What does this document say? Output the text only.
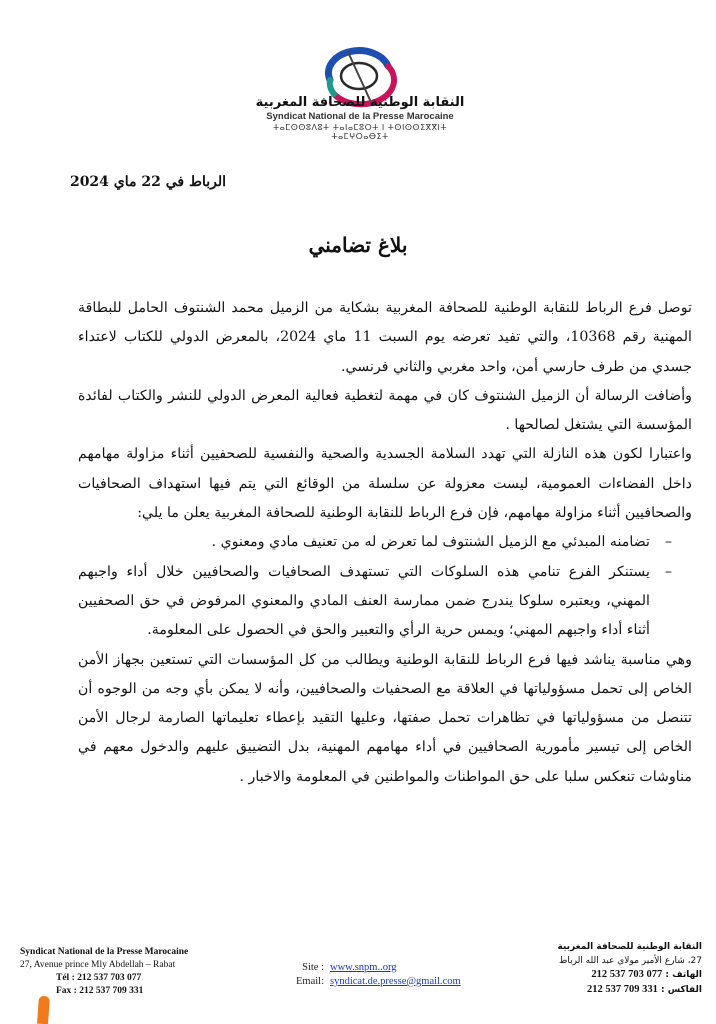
النقابة الوطنية للصحافة المغربية
Syndicat National de la Presse Marocaine
ⵜⴰⵎⵙⵙⵓⴷⵓⵜ ⵜⴰⵏⴰⵎⵓⵔⵜ ⵏ ⵜⵙⵏⵙⵙⵉⴳⴳⵏⵜ ⵜⴰⵎⵖⵔⴰⴱⵉⵜ
الرباط في 22 ماي 2024
بلاغ تضامني

توصل فرع الرباط للنقابة الوطنية للصحافة المغربية بشكاية من الزميل محمد الشنتوف الحامل للبطاقة المهنية رقم 10368، والتي تفيد تعرضه يوم السبت 11 ماي 2024، بالمعرض الدولي للكتاب لاعتداء جسدي من طرف حارسي أمن، واحد مغربي والثاني فرنسي.

وأضافت الرسالة أن الزميل الشنتوف كان في مهمة لتغطية فعالية المعرض الدولي للنشر والكتاب لفائدة المؤسسة التي يشتغل لصالحها .

واعتبارا لكون هذه النازلة التي تهدد السلامة الجسدية والصحية والنفسية للصحفيين أثناء مزاولة مهامهم داخل الفضاءات العمومية، ليست معزولة عن سلسلة من الوقائع التي يتم فيها استهداف الصحافيات والصحافيين أثناء مزاولة مهامهم، فإن فرع الرباط للنقابة الوطنية للصحافة المغربية يعلن ما يلي:

– تضامنه المبدئي مع الزميل الشنتوف لما تعرض له من تعنيف مادي ومعنوي .
– يستنكر الفرع تنامي هذه السلوكات التي تستهدف الصحافيات والصحافيين خلال أداء واجبهم المهني، ويعتبره سلوكا يندرج ضمن ممارسة العنف المادي والمعنوي المرفوض في حق الصحفيين أثناء أداء واجبهم المهني؛ ويمس حرية الرأي والتعبير والحق في الحصول على المعلومة.

وهي مناسبة يناشد فيها فرع الرباط للنقابة الوطنية ويطالب من كل المؤسسات التي تستعين بجهاز الأمن الخاص إلى تحمل مسؤولياتها في العلاقة مع الصحفيات والصحافيين، وأنه لا يمكن بأي وجه من الوجوه أن تتنصل من مسؤولياتها في تظاهرات تحمل صفتها، وعليها التقيد بإعطاء تعليماتها الصارمة لرجال الأمن الخاص إلى تيسير مأمورية الصحافيين في أداء مهامهم المهنية، بدل التضييق عليهم والدخول معهم في مناوشات تنعكس سلبا على حق المواطنات والمواطنين في المعلومة والاخبار .

Syndicat National de la Presse Marocaine
27, Avenue prince Mly Abdellah – Rabat
Tél : 212 537 703 077
Fax : 212 537 709 331
Site : www.snpm..org
Email: syndicat.de.presse@gmail.com
النقابة الوطنية للصحافة المغربية
27، شارع الأمير مولاي عبد الله الرباط
الهاتف : 212 537 703 077
الفاكس : 212 537 709 331
